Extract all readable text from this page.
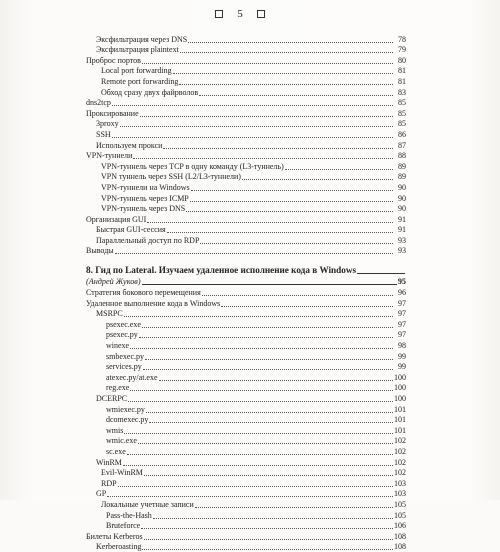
5
Эксфильтрация через DNS	78
Эксфильтрация plaintext	79
Проброс портов	80
Local port forwarding	81
Remote port forwarding	81
Обход сразу двух файрволов	83
dns2tcp	85
Проксирование	85
3proxy	85
SSH	86
Используем прокси	87
VPN-туннели	88
VPN-туннель через TCP в одну команду (L3-туннель)	89
VPN туннель через SSH (L2/L3-туннели)	89
VPN-туннели на Windows	90
VPN-туннель через ICMP	90
VPN-туннель через DNS	90
Организация GUI	91
Быстрая GUI-сессия	91
Параллельный доступ по RDP	93
Выводы	93
8. Гид по Lateral. Изучаем удаленное исполнение кода в Windows
(Андрей Жуков)	95
Стратегия бокового перемещения	96
Удаленное выполнение кода в Windows	97
MSRPC	97
psexec.exe	97
psexec.py	97
winexe	98
smbexec.py	99
services.py	99
atexec.py/at.exe	100
reg.exe	100
DCERPC	100
wmiexec.py	101
dcomexec.py	101
wmis	101
wmic.exe	102
sc.exe	102
WinRM	102
Evil-WinRM	102
RDP	103
GP	103
Локальные учетные записи	105
Pass-the-Hash	105
Bruteforce	106
Билеты Kerberos	108
Kerberoasting	108
